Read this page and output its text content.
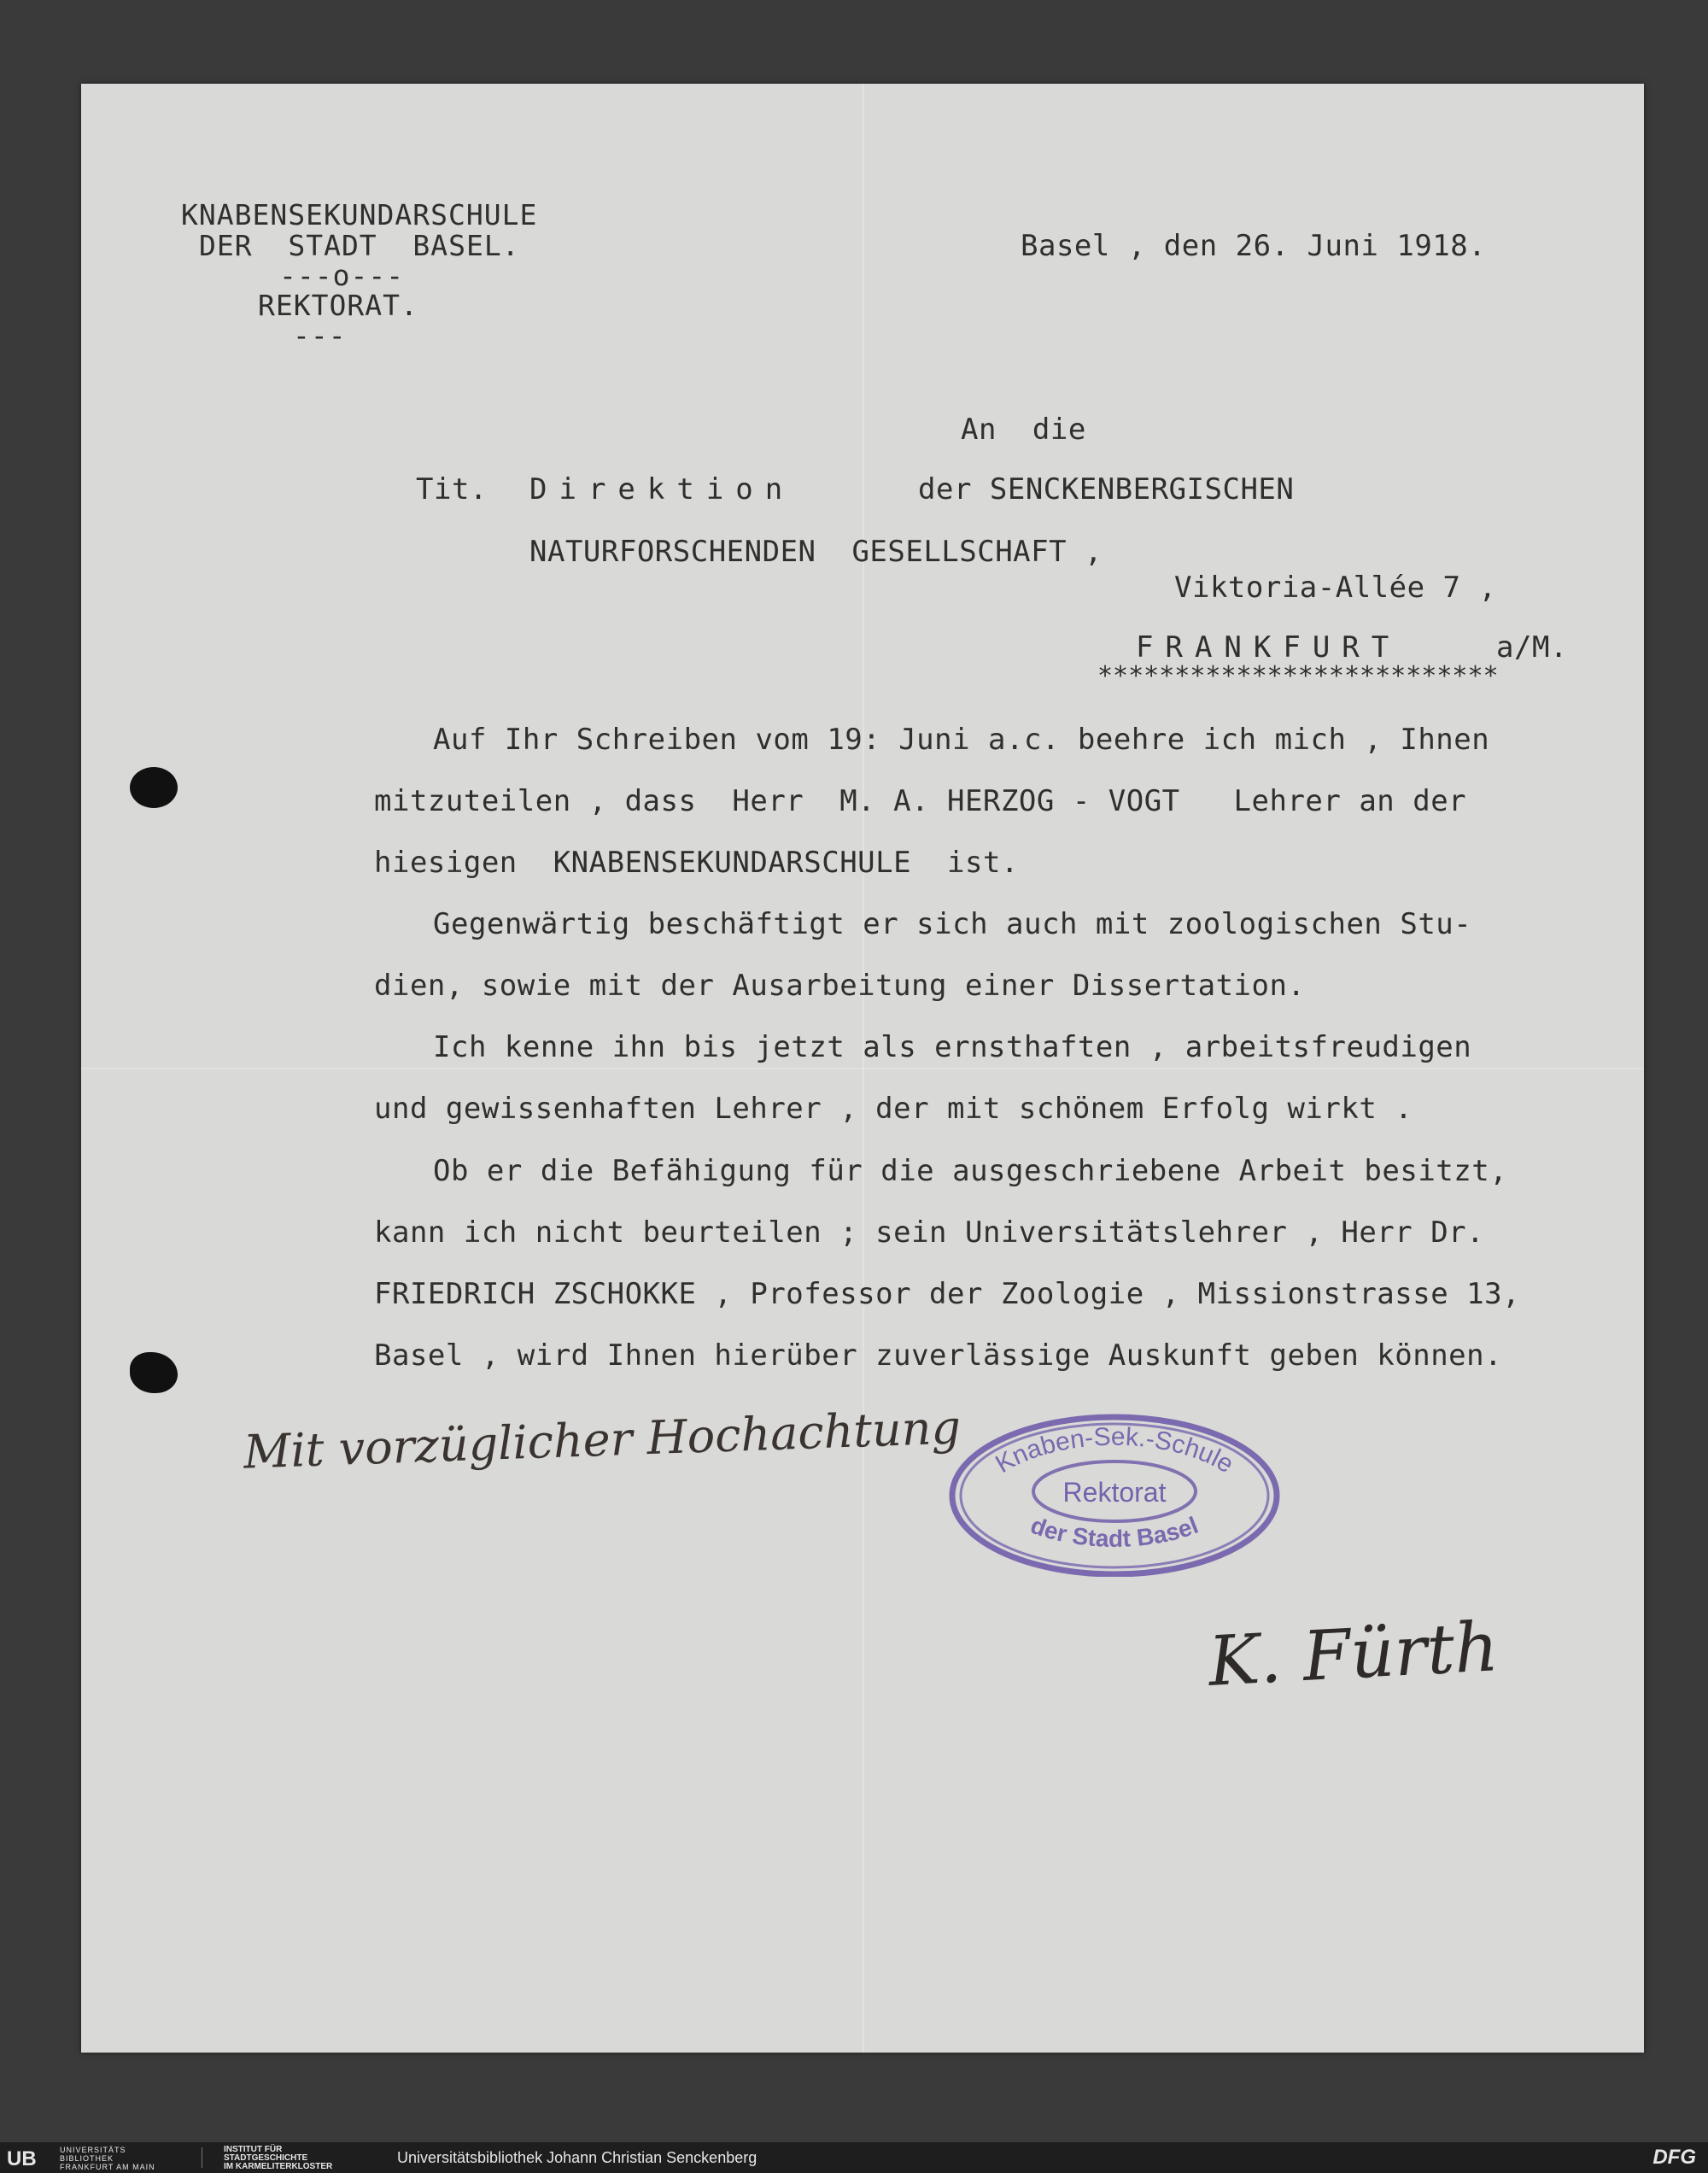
KNABENSEKUNDARSCHULE
DER  STADT  BASEL.
---o---
REKTORAT.
---
Basel , den 26. Juni 1918.
An  die
Tit. Direktion	der SENCKENBERGISCHEN
NATURFORSCHENDEN  GESELLSCHAFT ,
Viktoria-Allée 7 ,
FRANKFURT	a/M.
**************************
Auf Ihr Schreiben vom 19: Juni a.c. beehre ich mich , Ihnen
mitzuteilen , dass  Herr  M. A. HERZOG - VOGT   Lehrer an der
hiesigen  KNABENSEKUNDARSCHULE  ist.
Gegenwärtig beschäftigt er sich auch mit zoologischen Stu-
dien, sowie mit der Ausarbeitung einer Dissertation.
Ich kenne ihn bis jetzt als ernsthaften , arbeitsfreudigen
und gewissenhaften Lehrer , der mit schönem Erfolg wirkt .
Ob er die Befähigung für die ausgeschriebene Arbeit besitzt,
kann ich nicht beurteilen ; sein Universitätslehrer , Herr Dr.
FRIEDRICH ZSCHOKKE , Professor der Zoologie , Missionstrasse 13,
Basel , wird Ihnen hierüber zuverlässige Auskunft geben können.
Mit vorzüglicher Hochachtung Knaben-Sek.-Schule
Rektorat
der Stadt Basel
K. Fürth
UB	UNIVERSITÄTS
BIBLIOTHEK
FRANKFURT AM MAIN
INSTITUT FÜR
STADTGESCHICHTE
IM KARMELITERKLOSTER
Universitätsbibliothek Johann Christian Senckenberg	DFG
